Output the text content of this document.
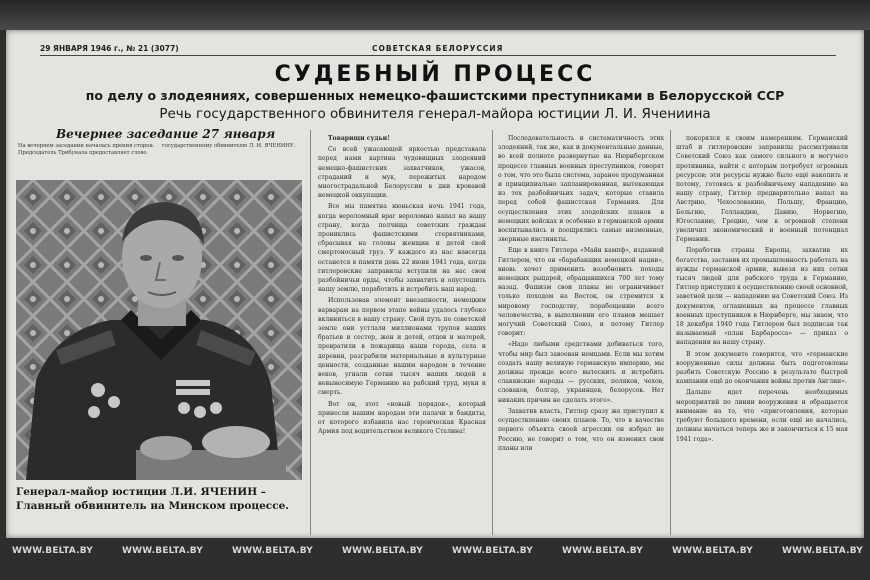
29 ЯНВАРЯ 1946 г., № 21 (3077)	СОВЕТСКАЯ БЕЛОРУССИЯ
СУДЕБНЫЙ ПРОЦЕСС
по делу о злодеяниях, совершенных немецко-фашистскими преступниками в Белорусской ССР
Речь государственного обвинителя генерал-майора юстиции Л. И. Ячениина
Вечернее заседание 27 января
На вечернем заседании началась прения сторон. Председатель Трибунала предоставляет слово государственному обвинителю Л. И. ЯЧЕНИНУ.
Генерал-майор юстиции Л.И. ЯЧЕНИН – Главный обвинитель на Минском процессе.

Товарищи судьи!

Со всей ужасающей яркостью представала перед нами картина чудовищных злодеяний немецко-фашистских захватчиков, ужасов, страданий и мук, пережитых народом многострадальной Белоруссии в дни кровавой немецкой оккупации.

Все мы памятна июньская ночь 1941 года, когда вероломный враг вероломно напал на нашу страну, когда полчища советских граждан прониклись фашистскими стервятниками, сбрасывая на головы женщин и детей свой смертоносный груз. У каждого из нас навсегда останется в памяти день 22 июня 1941 года, когда гитлеровские заправилы вступили на нас свои разбойничьи орды, чтобы захватить и опустошить нашу землю, поработить и истребить наш народ.

Использовав элемент внезапности, немецким варварам на первом этапе войны удалось глубоко вклиниться в нашу страну. Свой путь по советской земле они устлали миллионами трупов наших братьев и сестер, жен и детей, отцов и матерей, превратили в пожарища наши города, села и деревни, разграбили материальные и культурные ценности, созданные нашим народом в течение веков, угнали сотни тысяч наших людей в невыносимую Германию на рабский труд, муки и смерть.

Вот он, этот «новый порядок», который принесли нашим народам эти палачи и бандиты, от которого избавила нас героическая Красная Армия под водительством великого Сталина!

Последовательность и систематичность этих злодеяний, так же, как и документальные данные, во всей полноте развернутые на Нюрнбергском процессе главных военных преступников, говорят о том, что это была система, заранее продуманная и принципиально запланированная, вытекающая из тех разбойничьих задач, которые ставила перед собой фашистская Германия. Для осуществления этих злодейских планов в немецких войсках и особенно в германской армии воспитывались и поощрялись самые низменные, звериные инстинкты.

Еще в книге Гитлера «Майн кампф», изданной Гитлером, что он «барабанщик немецкой нации», вновь хочет применить возобновить походы немецких рыцарей, обращавшихся 700 лет тому назад. Фашизм свои планы не ограничивает только походом на Восток, он стремится к мировому господству, порабощению всего человечества, в выполнении его планов мешает могучий Советский Союз, и потому Гитлер говорит:

«Надо любыми средствами добиваться того, чтобы мир был завоеван немцами. Если мы хотим создать нашу великую германскую империю, мы должны прежде всего вытеснить и истребить славянские народы — русских, поляков, чехов, словаков, болгар, украинцев, белорусов. Нет никаких причин не сделать этого».

Захватив власть, Гитлер сразу же приступил к осуществлению своих планов. То, что в качестве первого объекта своей агрессии он избрал не Россию, не говорит о том, что он изменил свои планы или

покорялся к своим намерениям. Германский штаб и гитлеровские заправилы рассматривали Советский Союз как самого сильного и могучего противника, найти с которым потребует огромных ресурсов; эти ресурсы нужно было ещё накопить и потому, готовясь к разбойничьему нападению на нашу страну, Гитлер предварительно напал на Австрию, Чехословакию, Польшу, Францию, Бельгию, Голландию, Данию, Норвегию, Югославию, Грецию, чем в огромной степени увеличил экономический и военный потенциал Германии.

Поработив страны Европы, захватив их богатства, заставив их промышленность работать на нужды германской армии, вывезя из них сотни тысяч людей для рабского труда в Германию, Гитлер приступил к осуществлению своей основной, заветной цели — нападению на Советский Союз. Из документов, оглашенных на процессе главных военных преступников в Нюрнберге, мы знаем, что 18 декабря 1940 года Гитлером был подписан так называемый «план Барбаросса» — приказ о нападении на нашу страну.

В этом документе говорится, что «германские вооруженные силы должны быть подготовлены разбить Советскую Россию в результате быстрой кампании ещё до окончания войны против Англии».

Дальше идет перечень необходимых мероприятий по линии вооружения и обращается внимание на то, что «приготовления, которые требуют большого времени, если ещё не начались, должны начаться теперь же и закончиться к 15 мая 1941 года».

WWW.BELTA.BY	WWW.BELTA.BY	WWW.BELTA.BY	WWW.BELTA.BY	WWW.BELTA.BY	WWW.BELTA.BY	WWW.BELTA.BY	WWW.BELTA.BY
